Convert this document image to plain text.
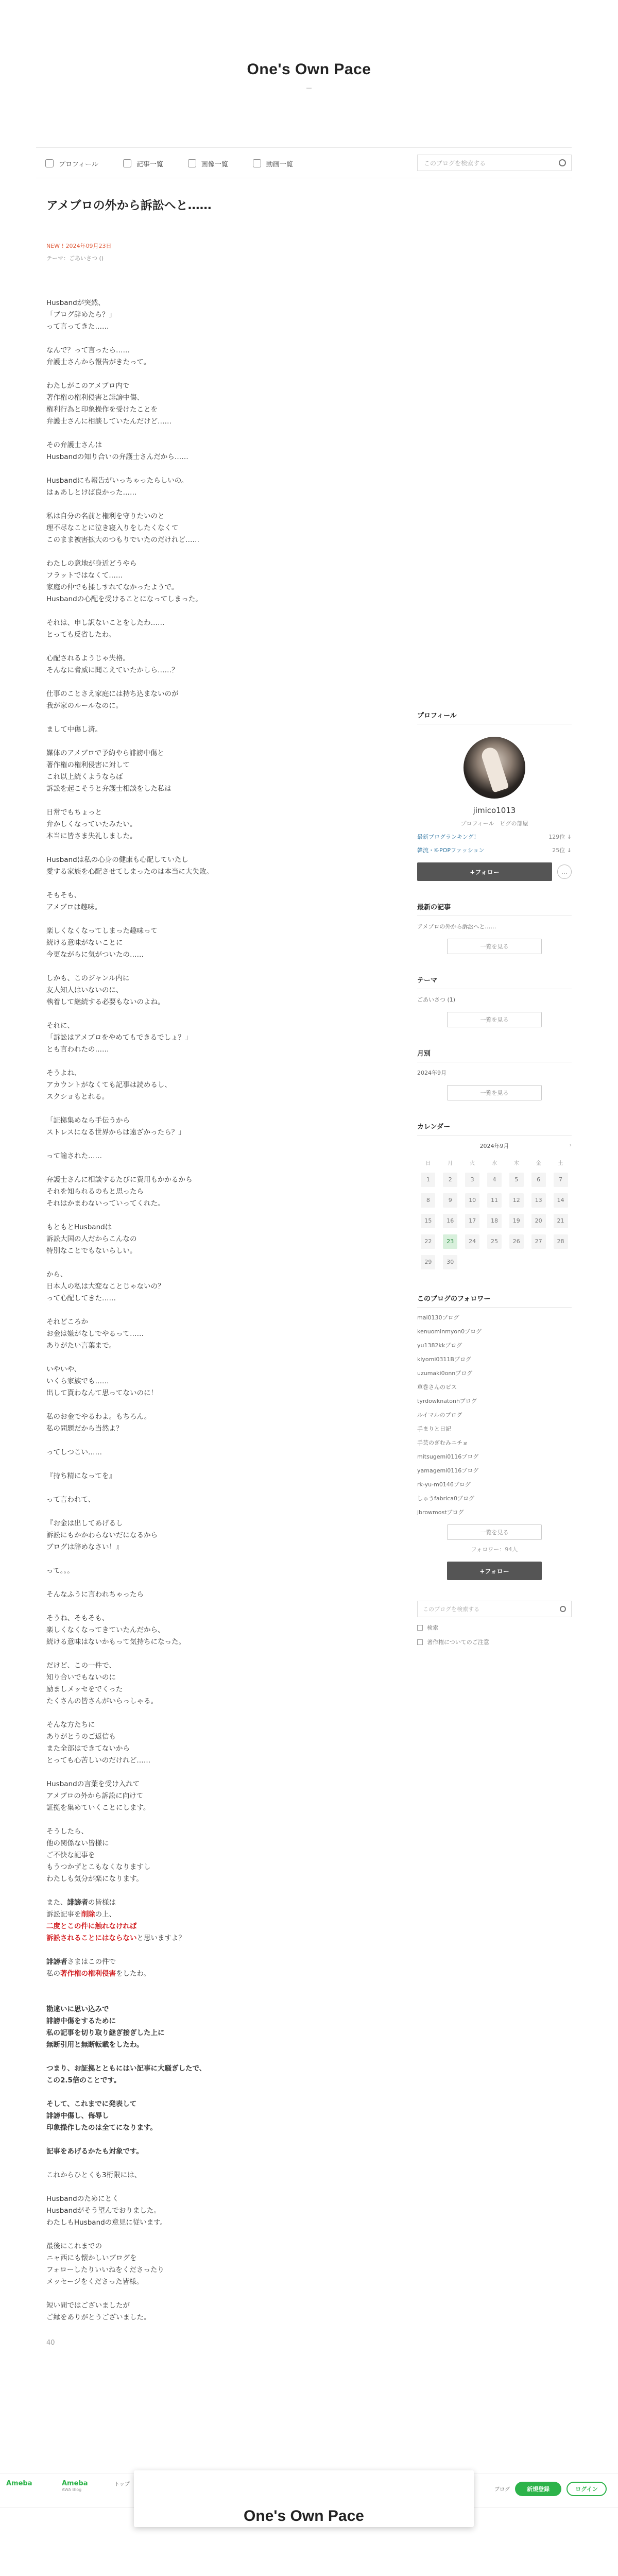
One's Own Pace
—
プロフィール	記事一覧	画像一覧	動画一覧	このブログを検索する
アメブロの外から訴訟へと……
NEW ! 2024年09月23日
テーマ：ごあいさつ ()

Husbandが突然、
「ブログ辞めたら？」
って言ってきた……

なんで？って言ったら……
弁護士さんから報告がきたって。

わたしがこのアメブロ内で
著作権の権利侵害と誹謗中傷、
権利行為と印象操作を受けたことを
弁護士さんに相談していたんだけど……

その弁護士さんは
Husbandの知り合いの弁護士さんだから……

Husbandにも報告がいっちゃったらしいの。
はぁあしとけば良かった……

私は自分の名前と権利を守りたいのと
理不尽なことに泣き寝入りをしたくなくて
このまま被害拡大のつもりでいたのだけれど……

わたしの意地が身近どうやら
フラットではなくて……
家庭の仲でも揉しすれてなかったようで。
Husbandの心配を受けることになってしまった。

それは、申し訳ないことをしたわ……
とっても反省したわ。

心配されるようじゃ失格。
そんなに脅威に聞こえていたかしら……？

仕事のことさえ家庭には持ち込まないのが
我が家のルールなのに。

まして中傷し済。

媒体のアメブロで予約やら誹謗中傷と
著作権の権利侵害に対して
これ以上続くようならば
訴訟を起こそうと弁護士相談をした私は

日常でもちょっと
弁かしくなっていたみたい。
本当に皆さま失礼しました。

Husbandは私の心身の健康も心配していたし
愛する家族を心配させてしまったのは本当に大失敗。

そもそも、
アメブロは趣味。

楽しくなくなってしまった趣味って
続ける意味がないことに
今更ながらに気がついたの……

しかも、このジャンル内に
友人知人はいないのに、
執着して継続する必要もないのよね。

それに、
「訴訟はアメブロをやめてもできるでしょ？」
とも言われたの……

そうよね、
アカウントがなくても記事は読めるし、
スクショもとれる。

「証拠集めなら手伝うから
ストレスになる世界からは遠ざかったら？」

って諭された……

弁護士さんに相談するたびに費用もかかるから
それを知られるのもと思ったら
それはかまわないっていってくれた。

もともとHusbandは
訴訟大国の人だからこんなの
特別なことでもないらしい。

から、
日本人の私は大変なことじゃないの？
って心配してきた……

それどころか
お金は嫌がなしでやるって……
ありがたい言葉まで。

いやいや、
いくら家族でも……
出して貰わなんて思ってないのに！

私のお金でやるわよ。もちろん。
私の問題だから当然よ？

ってしつこい……

『持ち精になってを』

って言われて、

『お金は出してあげるし
訴訟にもかかわらないだになるから
ブログは辞めなさい！』

って。。。

そんなふうに言われちゃったら

そうね、そもそも、
楽しくなくなってきていたんだから、
続ける意味はないかもって気持ちになった。

だけど、この一件で、
知り合いでもないのに
励ましメッセをでくった
たくさんの皆さんがいらっしゃる。

そんな方たちに
ありがとうのご返信も
また全部はできてないから
とっても心苦しいのだけれど……

Husbandの言葉を受け入れて
アメブロの外から訴訟に向けて
証拠を集めていくことにします。

そうしたら、
他の関係ない皆様に
ご不快な記事を
もうつかずとこもなくなりますし
わたしも気分が楽になります。

また、誹謗者の皆様は
訴訟記事を削除の上、
二度とこの件に触れなければ
訴訟されることにはならないと思いますよ？

誹謗者さまはこの件で
私の著作権の権利侵害をしたわ。

勘違いに思い込みで
誹謗中傷をするために
私の記事を切り取り継ぎ接ぎした上に
無断引用と無断転載をしたわ。

つまり、お証拠とともにはい記事に大騒ぎしたで、
この2.5倍のことです。

そして、これまでに発表して
誹謗中傷し、侮辱し
印象操作したのは全てになります。

記事をあげるかたも対象です。

これからひとくも3桁限には、

Husbandのためにとく
Husbandがそう望んでおりました。
わたしもHusbandの意見に従います。

最後にこれまでの
ニャ西にも懐かしいブログを
フォローしたりいいねをくださったり
メッセージをくださった皆様。

短い間ではございましたが
ご縁をありがとうございました。

40
プロフィール
jimico1013
プロフィール　ピグの部屋
最新ブログランキング！	129位 ↓
韓流・K-POPファッション	25位 ↓
+フォロー	…
最新の記事
アメブロの外から訴訟へと……
一覧を見る
テーマ
ごあいさつ (1)
一覧を見る
月別
2024年9月
一覧を見る
カレンダー
2024年9月	›
日	月	火	水	木	金	土
1	2	3	4	5	6	7
8	9	10	11	12	13	14
15	16	17	18	19	20	21
22	23	24	25	26	27	28
29	30					
このブログのフォロワー
mai0130ブログ
kenuominmyon0ブログ
yu1382kkブログ
kiyomi0311Bブログ
uzumaki0onnブログ
草巻さんのビス
tyrdowknatonhブログ
ルイマルのブログ
手まりと日記
手芸のぎむみニチョ
mitsugemi0116ブログ
yamagemi0116ブログ
rk-yu-m0146ブログ
しゅうfabrica0ブログ
jbrowmostブログ
一覧を見る
フォロワー：94人
+フォロー
このブログを検索する
検索
著作権についてのご注意
Ameba	Ameba
AWA Blog
トップ
ブログ	新規登録	ログイン
One's Own Pace
